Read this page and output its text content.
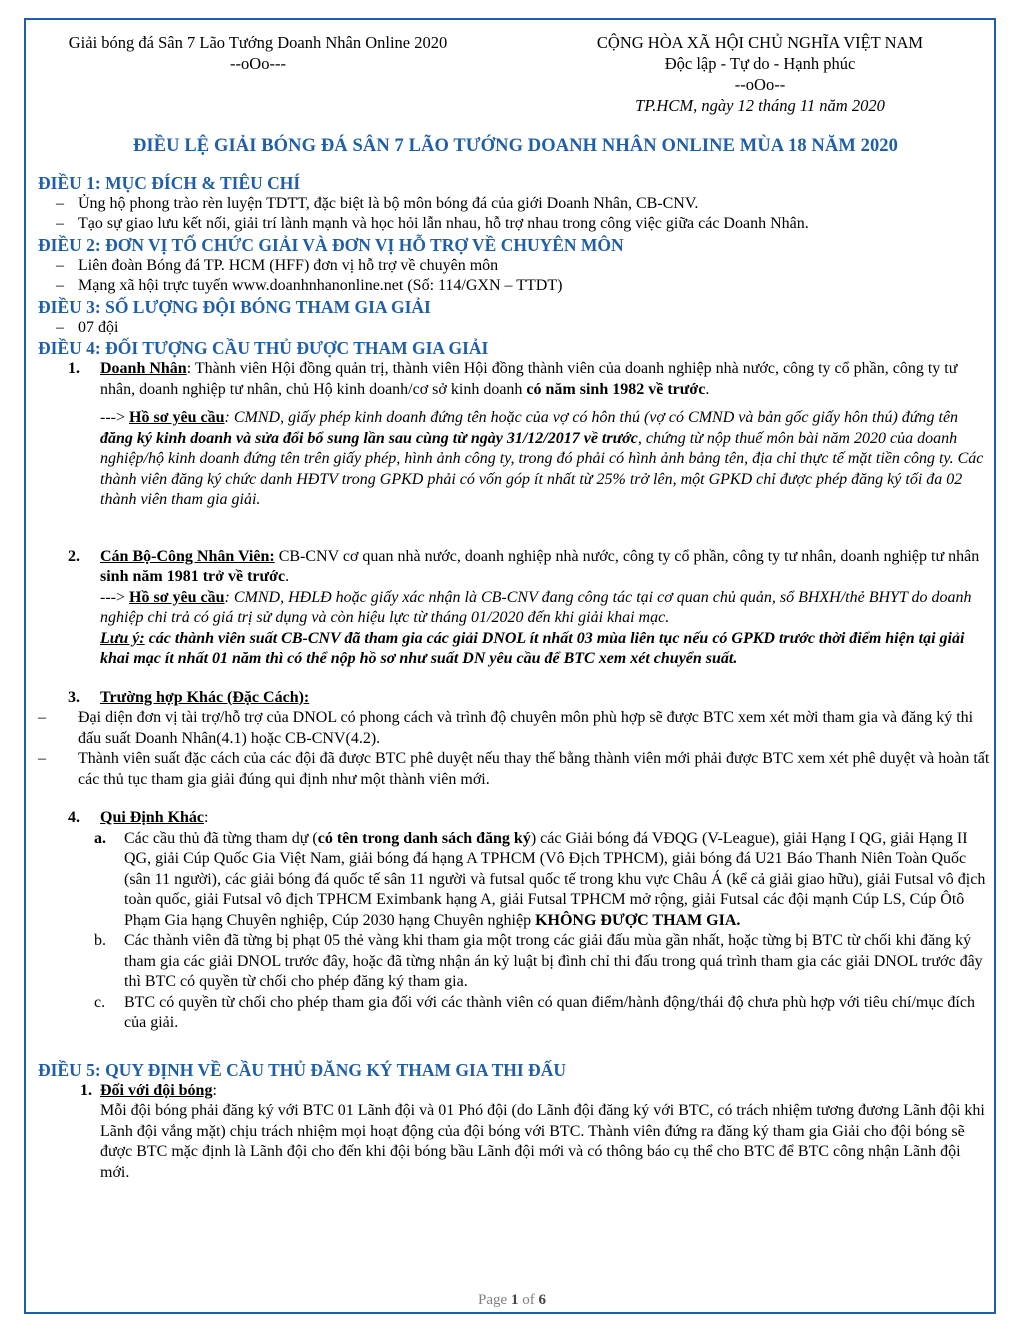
Giải bóng đá Sân 7 Lão Tướng Doanh Nhân Online 2020
--oOo---
CỘNG HÒA XÃ HỘI CHỦ NGHĨA VIỆT NAM
Độc lập - Tự do - Hạnh phúc
--oOo--
TP.HCM, ngày 12 tháng 11 năm 2020
ĐIỀU LỆ GIẢI BÓNG ĐÁ SÂN 7 LÃO TƯỚNG DOANH NHÂN ONLINE MÙA 18 NĂM 2020
ĐIỀU 1: MỤC ĐÍCH & TIÊU CHÍ
– Ủng hộ phong trào rèn luyện TDTT, đặc biệt là bộ môn bóng đá của giới Doanh Nhân, CB-CNV.
– Tạo sự giao lưu kết nối, giải trí lành mạnh và học hỏi lẫn nhau, hỗ trợ nhau trong công việc giữa các Doanh Nhân.
ĐIỀU 2: ĐƠN VỊ TỔ CHỨC GIẢI VÀ ĐƠN VỊ HỖ TRỢ VỀ CHUYÊN MÔN
– Liên đoàn Bóng đá TP. HCM (HFF) đơn vị hỗ trợ về chuyên môn
– Mạng xã hội trực tuyến www.doanhnhanonline.net (Số: 114/GXN – TTDT)
ĐIỀU 3: SỐ LƯỢNG ĐỘI BÓNG THAM GIA GIẢI
– 07 đội
ĐIỀU 4: ĐỐI TƯỢNG CẦU THỦ ĐƯỢC THAM GIA GIẢI
1. Doanh Nhân: Thành viên Hội đồng quản trị, thành viên Hội đồng thành viên của doanh nghiệp nhà nước, công ty cổ phần, công ty tư nhân, doanh nghiệp tư nhân, chủ Hộ kinh doanh/cơ sở kinh doanh có năm sinh 1982 về trước.
---> Hồ sơ yêu cầu: CMND, giấy phép kinh doanh đứng tên hoặc của vợ có hôn thú (vợ có CMND và bản gốc giấy hôn thú) đứng tên đăng ký kinh doanh và sửa đổi bổ sung lần sau cùng từ ngày 31/12/2017 về trước, chứng từ nộp thuế môn bài năm 2020 của doanh nghiệp/hộ kinh doanh đứng tên trên giấy phép, hình ảnh công ty, trong đó phải có hình ảnh bảng tên, địa chỉ thực tế mặt tiền công ty. Các thành viên đăng ký chức danh HĐTV trong GPKD phải có vốn góp ít nhất từ 25% trở lên, một GPKD chỉ được phép đăng ký tối đa 02 thành viên tham gia giải.
2. Cán Bộ-Công Nhân Viên: CB-CNV cơ quan nhà nước, doanh nghiệp nhà nước, công ty cổ phần, công ty tư nhân, doanh nghiệp tư nhân sinh năm 1981 trở về trước.
---> Hồ sơ yêu cầu: CMND, HĐLĐ hoặc giấy xác nhận là CB-CNV đang công tác tại cơ quan chủ quản, sổ BHXH/thẻ BHYT do doanh nghiệp chi trả có giá trị sử dụng và còn hiệu lực từ tháng 01/2020 đến khi giải khai mạc.
Lưu ý: các thành viên suất CB-CNV đã tham gia các giải DNOL ít nhất 03 mùa liên tục nếu có GPKD trước thời điểm hiện tại giải khai mạc ít nhất 01 năm thì có thể nộp hồ sơ như suất DN yêu cầu để BTC xem xét chuyển suất.
3. Trường hợp Khác (Đặc Cách):
– Đại diện đơn vị tài trợ/hỗ trợ của DNOL có phong cách và trình độ chuyên môn phù hợp sẽ được BTC xem xét mời tham gia và đăng ký thi đấu suất Doanh Nhân(4.1) hoặc CB-CNV(4.2).
– Thành viên suất đặc cách của các đội đã được BTC phê duyệt nếu thay thế bằng thành viên mới phải được BTC xem xét phê duyệt và hoàn tất các thủ tục tham gia giải đúng qui định như một thành viên mới.
4. Qui Định Khác:
a. Các cầu thủ đã từng tham dự (có tên trong danh sách đăng ký) các Giải bóng đá VĐQG (V-League), giải Hạng I QG, giải Hạng II QG, giải Cúp Quốc Gia Việt Nam, giải bóng đá hạng A TPHCM (Vô Địch TPHCM), giải bóng đá U21 Báo Thanh Niên Toàn Quốc (sân 11 người), các giải bóng đá quốc tế sân 11 người và futsal quốc tế trong khu vực Châu Á (kể cả giải giao hữu), giải Futsal vô địch toàn quốc, giải Futsal vô địch TPHCM Eximbank hạng A, giải Futsal TPHCM mở rộng, giải Futsal các đội mạnh Cúp LS, Cúp Ôtô Phạm Gia hạng Chuyên nghiệp, Cúp 2030 hạng Chuyên nghiệp KHÔNG ĐƯỢC THAM GIA.
b. Các thành viên đã từng bị phạt 05 thẻ vàng khi tham gia một trong các giải đấu mùa gần nhất, hoặc từng bị BTC từ chối khi đăng ký tham gia các giải DNOL trước đây, hoặc đã từng nhận án kỷ luật bị đình chỉ thi đấu trong quá trình tham gia các giải DNOL trước đây thì BTC có quyền từ chối cho phép đăng ký tham gia.
c. BTC có quyền từ chối cho phép tham gia đối với các thành viên có quan điểm/hành động/thái độ chưa phù hợp với tiêu chí/mục đích của giải.
ĐIỀU 5: QUY ĐỊNH VỀ CẦU THỦ ĐĂNG KÝ THAM GIA THI ĐẤU
1. Đối với đội bóng:
Mỗi đội bóng phải đăng ký với BTC 01 Lãnh đội và 01 Phó đội (do Lãnh đội đăng ký với BTC, có trách nhiệm tương đương Lãnh đội khi Lãnh đội vắng mặt) chịu trách nhiệm mọi hoạt động của đội bóng với BTC. Thành viên đứng ra đăng ký tham gia Giải cho đội bóng sẽ được BTC mặc định là Lãnh đội cho đến khi đội bóng bầu Lãnh đội mới và có thông báo cụ thể cho BTC để BTC công nhận Lãnh đội mới.
Page 1 of 6
